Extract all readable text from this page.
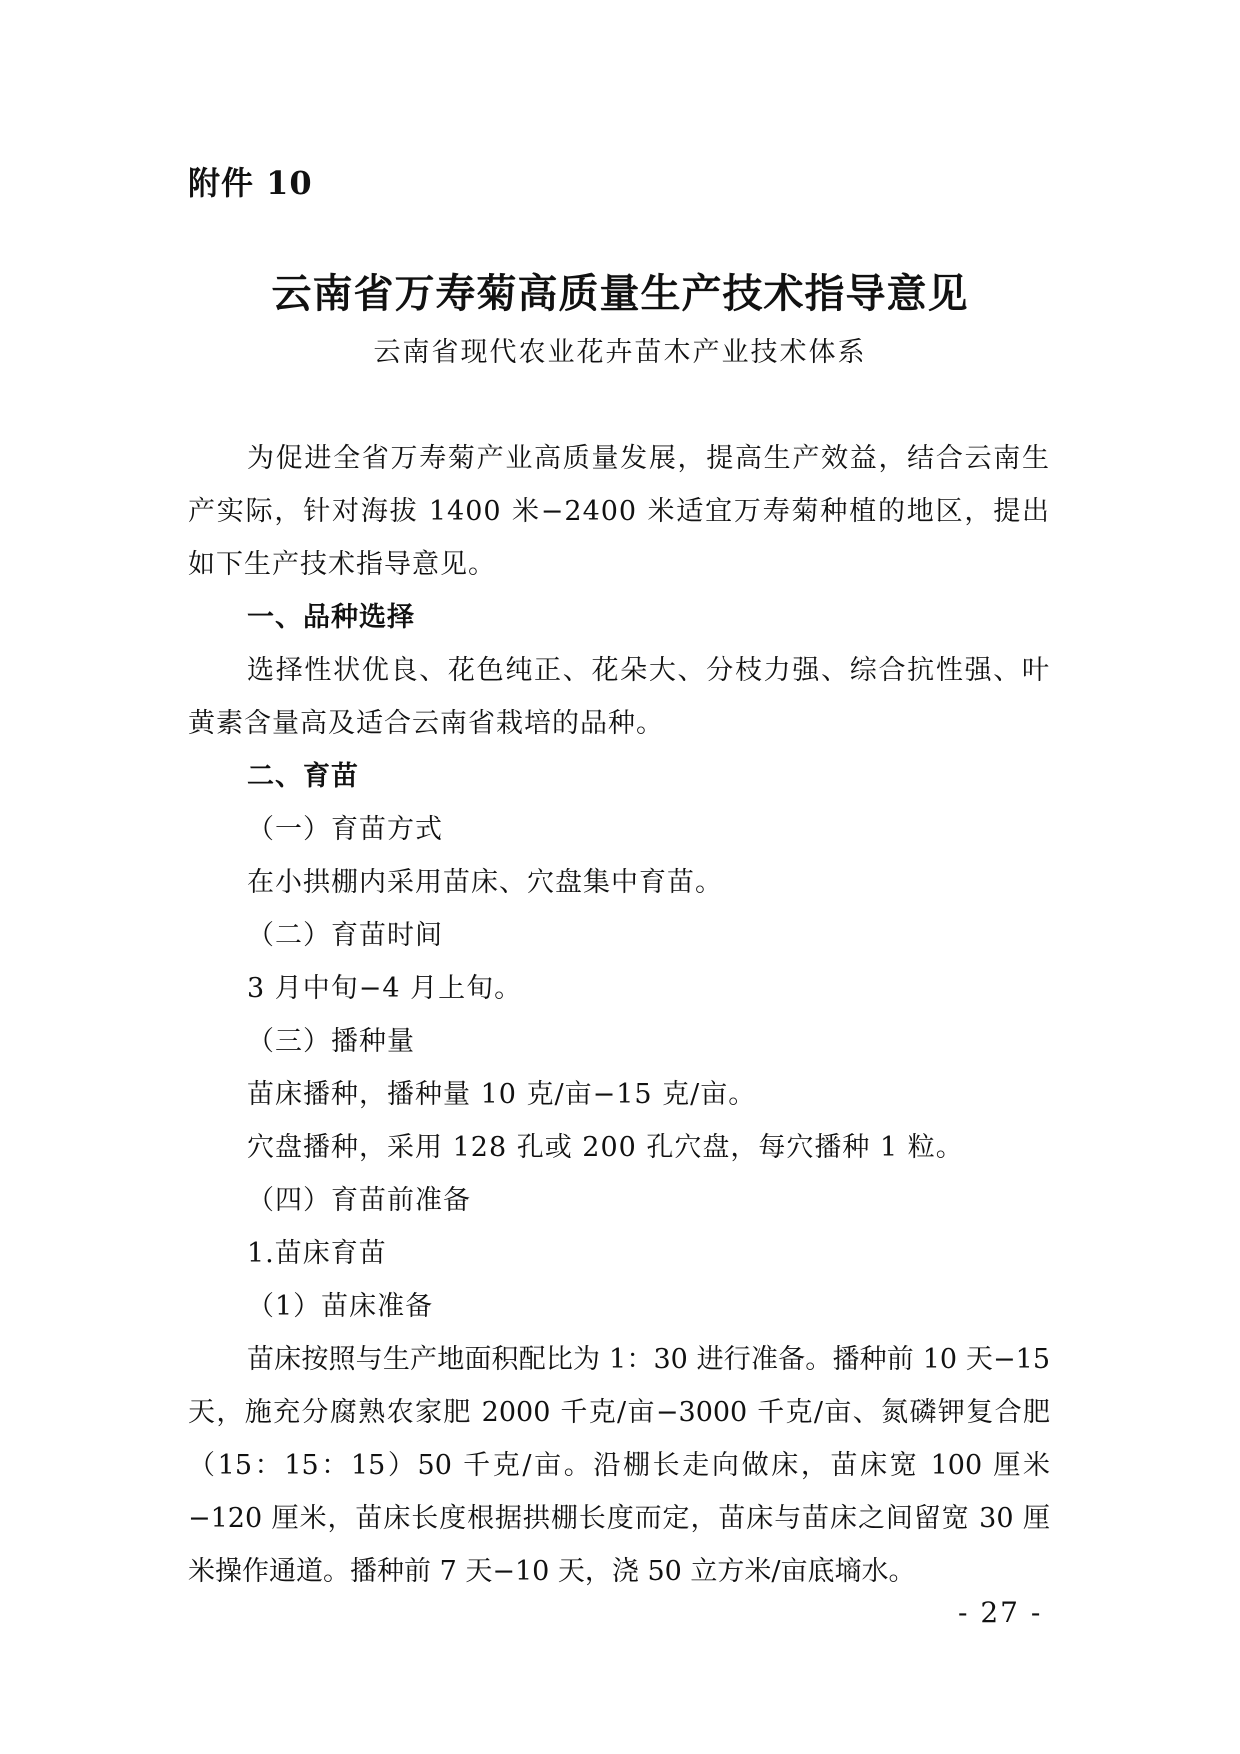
附件 10
云南省万寿菊高质量生产技术指导意见
云南省现代农业花卉苗木产业技术体系

为促进全省万寿菊产业高质量发展，提高生产效益，结合云南生产实际，针对海拔 1400 米−2400 米适宜万寿菊种植的地区，提出如下生产技术指导意见。

一、品种选择

选择性状优良、花色纯正、花朵大、分枝力强、综合抗性强、叶黄素含量高及适合云南省栽培的品种。

二、育苗

（一）育苗方式

在小拱棚内采用苗床、穴盘集中育苗。

（二）育苗时间

3 月中旬−4 月上旬。

（三）播种量

苗床播种，播种量 10 克/亩−15 克/亩。

穴盘播种，采用 128 孔或 200 孔穴盘，每穴播种 1 粒。

（四）育苗前准备

1.苗床育苗

（1）苗床准备

苗床按照与生产地面积配比为 1：30 进行准备。播种前 10 天−15 天，施充分腐熟农家肥 2000 千克/亩−3000 千克/亩、氮磷钾复合肥（15：15：15）50 千克/亩。沿棚长走向做床，苗床宽 100 厘米−120 厘米，苗床长度根据拱棚长度而定，苗床与苗床之间留宽 30 厘米操作通道。播种前 7 天−10 天，浇 50 立方米/亩底墒水。

- 27 -
